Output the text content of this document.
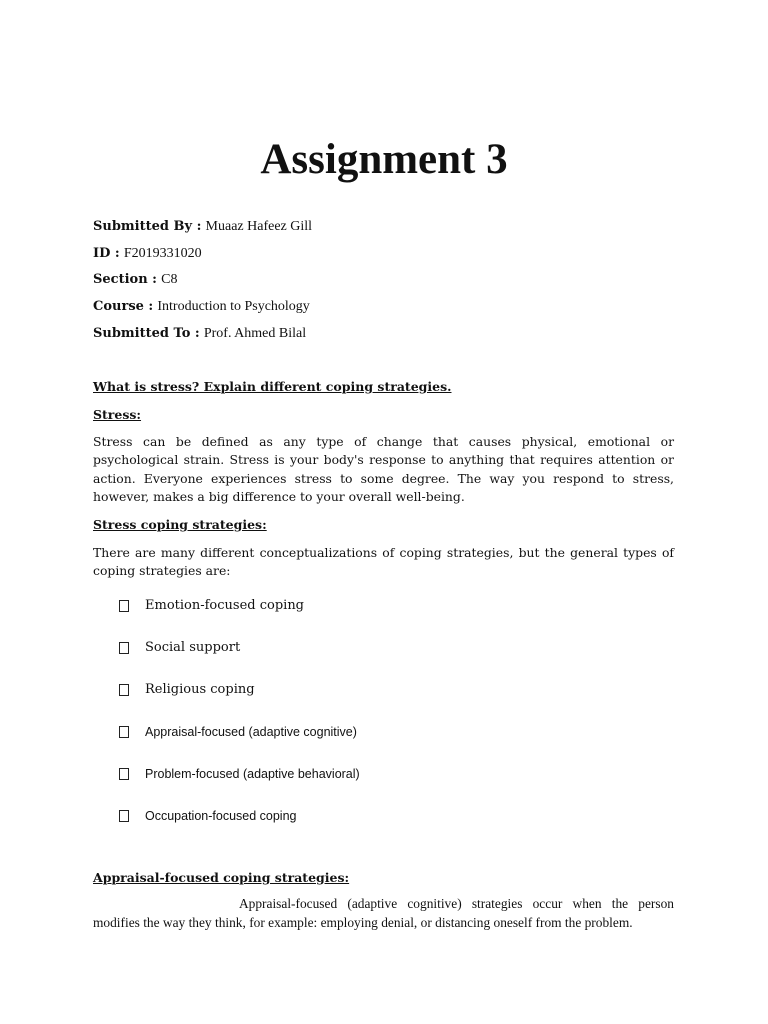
Assignment 3
Submitted By : Muaaz Hafeez Gill
ID : F2019331020
Section : C8
Course : Introduction to Psychology
Submitted To : Prof. Ahmed Bilal
What is stress? Explain different coping strategies.
Stress:

Stress can be defined as any type of change that causes physical, emotional or psychological strain. Stress is your body's response to anything that requires attention or action. Everyone experiences stress to some degree. The way you respond to stress, however, makes a big difference to your overall well-being.

Stress coping strategies:

There are many different conceptualizations of coping strategies, but the general types of coping strategies are:

Emotion-focused coping
Social support
Religious coping
Appraisal-focused (adaptive cognitive)
Problem-focused (adaptive behavioral)
Occupation-focused coping
Appraisal-focused coping strategies:

Appraisal-focused (adaptive cognitive) strategies occur when the person modifies the way they think, for example: employing denial, or distancing oneself from the problem.
